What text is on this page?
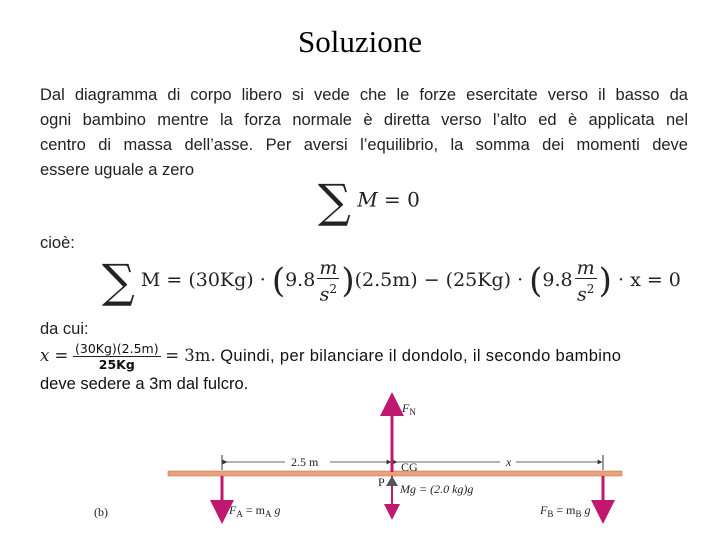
Soluzione
Dal diagramma di corpo libero si vede che le forze esercitate verso il basso da
ogni bambino mentre la forza normale è diretta verso l’alto ed è applicata nel
centro di massa dell’asse. Per aversi l’equilibrio, la somma dei momenti deve
essere uguale a zero
∑ M = 0
cioè:
∑ $M = (30Kg) \cdot (9.8 \frac{m}{s^2} )(2.5m) - (25Kg) \cdot (9.8 \frac{m}{s^2}$ ) · x = 0
da cui:
$x = \frac{(30Kg)(2.5m)}{25Kg} = 3m$. Quindi, per bilanciare il dondolo, il secondo bambino
deve sedere a 3m dal fulcro.
2.5 m	x
$F_N$
CG
P Mg = (2.0 kg)g
$F_A = m_A$ g	$F_B = m_B$ g
(b)
